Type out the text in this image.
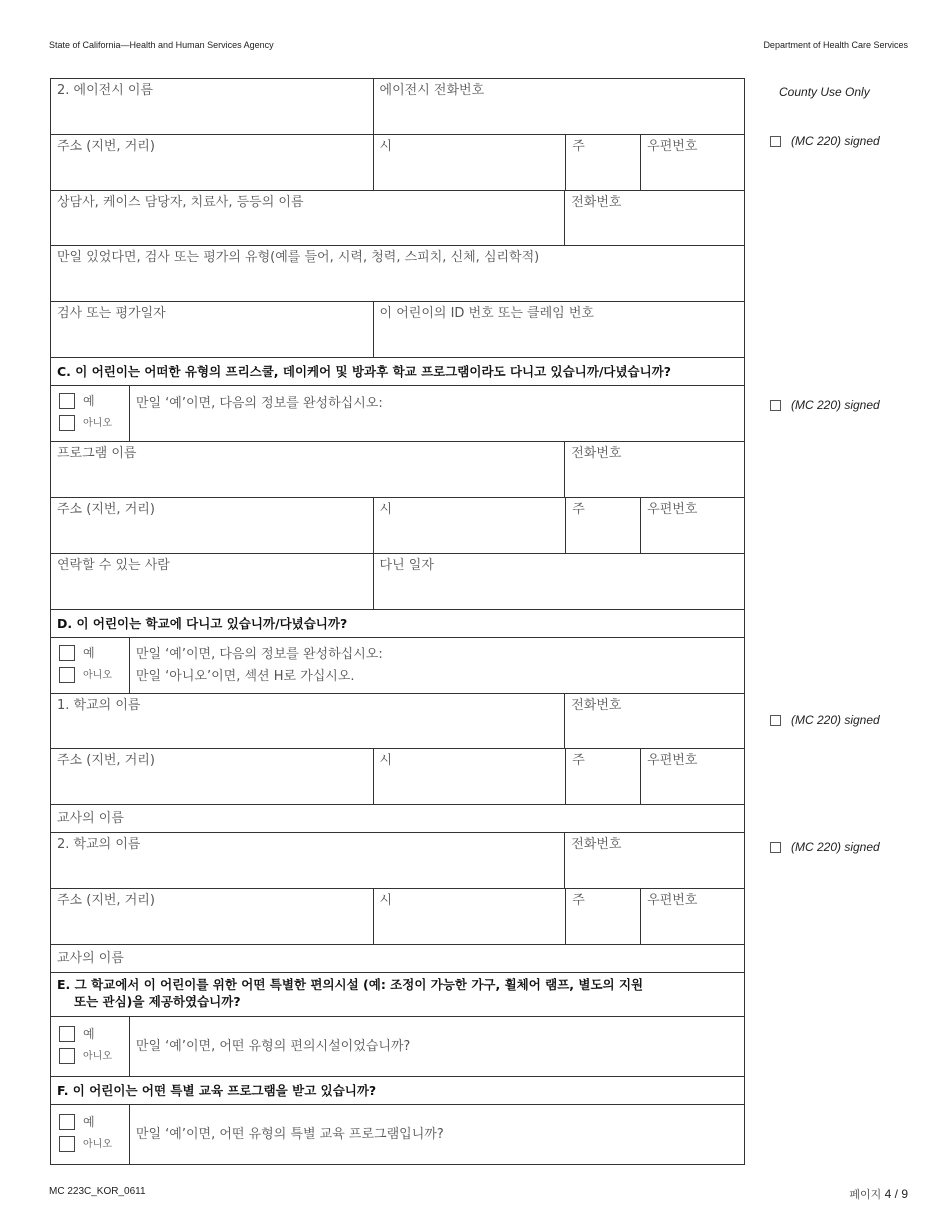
State of California—Health and Human Services Agency	Department of Health Care Services
County Use Only
(MC 220) signed
(MC 220) signed
(MC 220) signed
(MC 220) signed
2. 에이전시 이름	에이전시 전화번호
주소 (지번, 거리)	시	주	우편번호
상담사, 케이스 담당자, 치료사, 등등의 이름	전화번호
만일 있었다면, 검사 또는 평가의 유형(예를 들어, 시력, 청력, 스피치, 신체, 심리학적)
검사 또는 평가일자	이 어린이의 ID 번호 또는 클레임 번호
C. 이 어린이는 어떠한 유형의 프리스쿨, 데이케어 및 방과후 학교 프로그램이라도 다니고 있습니까/다녔습니까?
예
아니오
만일 ‘예’이면, 다음의 정보를 완성하십시오:
프로그램 이름	전화번호
주소 (지번, 거리)	시	주	우편번호
연락할 수 있는 사람	다닌 일자
D. 이 어린이는 학교에 다니고 있습니까/다녔습니까?
예
아니오
만일 ‘예’이면, 다음의 정보를 완성하십시오:
만일 ‘아니오’이면, 섹션 H로 가십시오.
1. 학교의 이름	전화번호
주소 (지번, 거리)	시	주	우편번호
교사의 이름
2. 학교의 이름	전화번호
주소 (지번, 거리)	시	주	우편번호
교사의 이름
E. 그 학교에서 이 어린이를 위한 어떤 특별한 편의시설 (예: 조정이 가능한 가구, 휠체어 램프, 별도의 지원
또는 관심)을 제공하였습니까?
예
아니오
만일 ‘예’이면, 어떤 유형의 편의시설이었습니까?
F. 이 어린이는 어떤 특별 교육 프로그램을 받고 있습니까?
예
아니오
만일 ‘예’이면, 어떤 유형의 특별 교육 프로그램입니까?
MC 223C_KOR_0611	페이지 4 / 9
